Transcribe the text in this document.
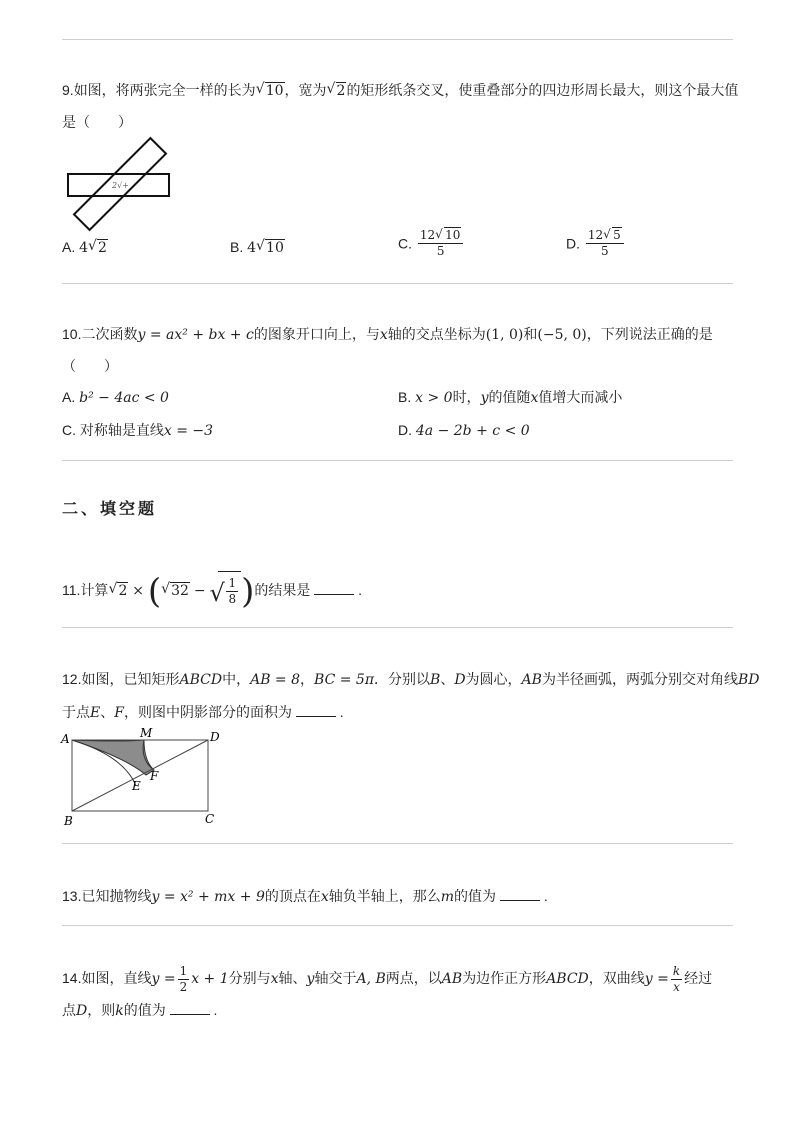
9.如图，将两张完全一样的长为 √ 10，宽为 √ 2的矩形纸条交叉，使重叠部分的四边形周长最大，则这个最大值
是（　　）
2√+
A. 4 √ 2	B. 4 √ 10	C. $\frac{12 √ 10}{5}$	D. $\frac{12 √ 5}{5}$
10.二次函数y = ax² + bx + c的图象开口向上，与x轴的交点坐标为(1, 0)和(−5, 0)，下列说法正确的是
（　　）
A. b² − 4ac < 0	B. x > 0时，y的值随x值增大而减小
C. 对称轴是直线x = −3	D. 4a − 2b + c < 0
二、填空题
11.计算 √ 2 × ( √ 32 − √ $\frac{1}{8}$ )的结果是	.
12.如图，已知矩形ABCD中，AB = 8，BC = 5π．分别以B、D为圆心，AB为半径画弧，两弧分别交对角线BD
于点E、F，则图中阴影部分的面积为	.
A	M	D
F
E
B	C
13.已知抛物线y = x² + mx + 9的顶点在x轴负半轴上，那么m的值为	.
14.如图，直线$y = \frac{1}{2}$ x + 1分别与x轴、y轴交于A, B两点，以AB为边作正方形ABCD，双曲线$y = \frac{k}{x}$ 经过
点D，则k的值为	.
